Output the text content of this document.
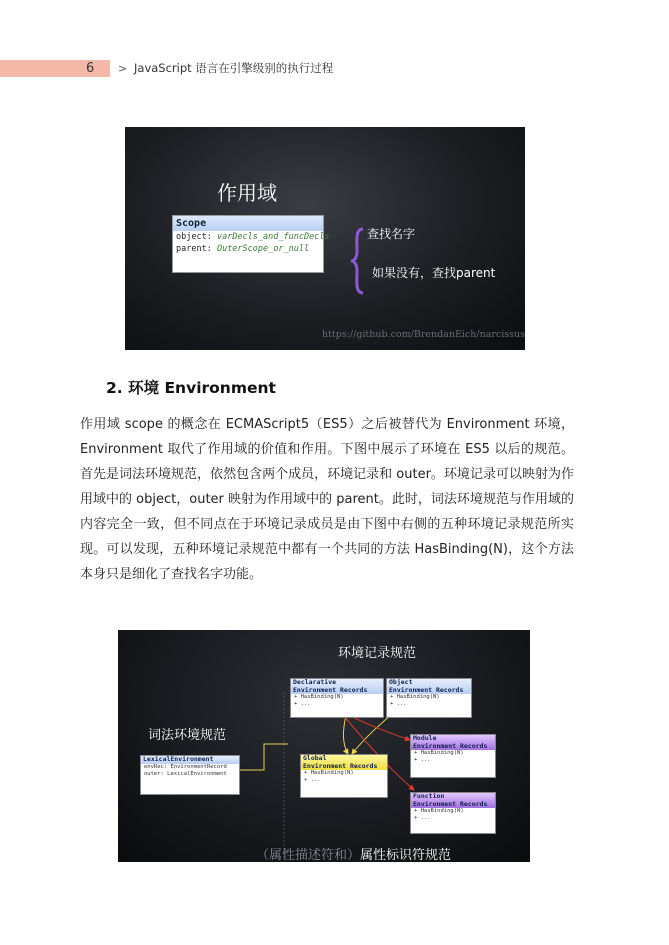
6 > JavaScript 语言在引擎级别的执行过程
作用域
Scope
object: varDecls_and_funcDecls
parent: OuterScope_or_null
查找名字
如果没有，查找parent
https://github.com/BrendanEich/narcissus
2. 环境 Environment

作用域 scope 的概念在 ECMAScript5（ES5）之后被替代为 Environment 环境，Environment 取代了作用域的价值和作用。下图中展示了环境在 ES5 以后的规范。首先是词法环境规范，依然包含两个成员，环境记录和 outer。环境记录可以映射为作用域中的 object，outer 映射为作用域中的 parent。此时，词法环境规范与作用域的内容完全一致，但不同点在于环境记录成员是由下图中右侧的五种环境记录规范所实现。可以发现，五种环境记录规范中都有一个共同的方法 HasBinding(N)，这个方法本身只是细化了查找名字功能。

环境记录规范
词法环境规范
（属性描述符和）属性标识符规范
Declarative
Environment Records
+ HasBinding(N)
+ ...
Object
Environment Records
+ HasBinding(N)
+ ...
LexicalEnvironment
envRec: EnvironmentRecord
outer: LexicalEnvironment
Global
Environment Records
+ HasBinding(N)
+ ...
Module
Environment Records
+ HasBinding(N)
+ ...
Function
Environment Records
+ HasBinding(N)
+ ...
